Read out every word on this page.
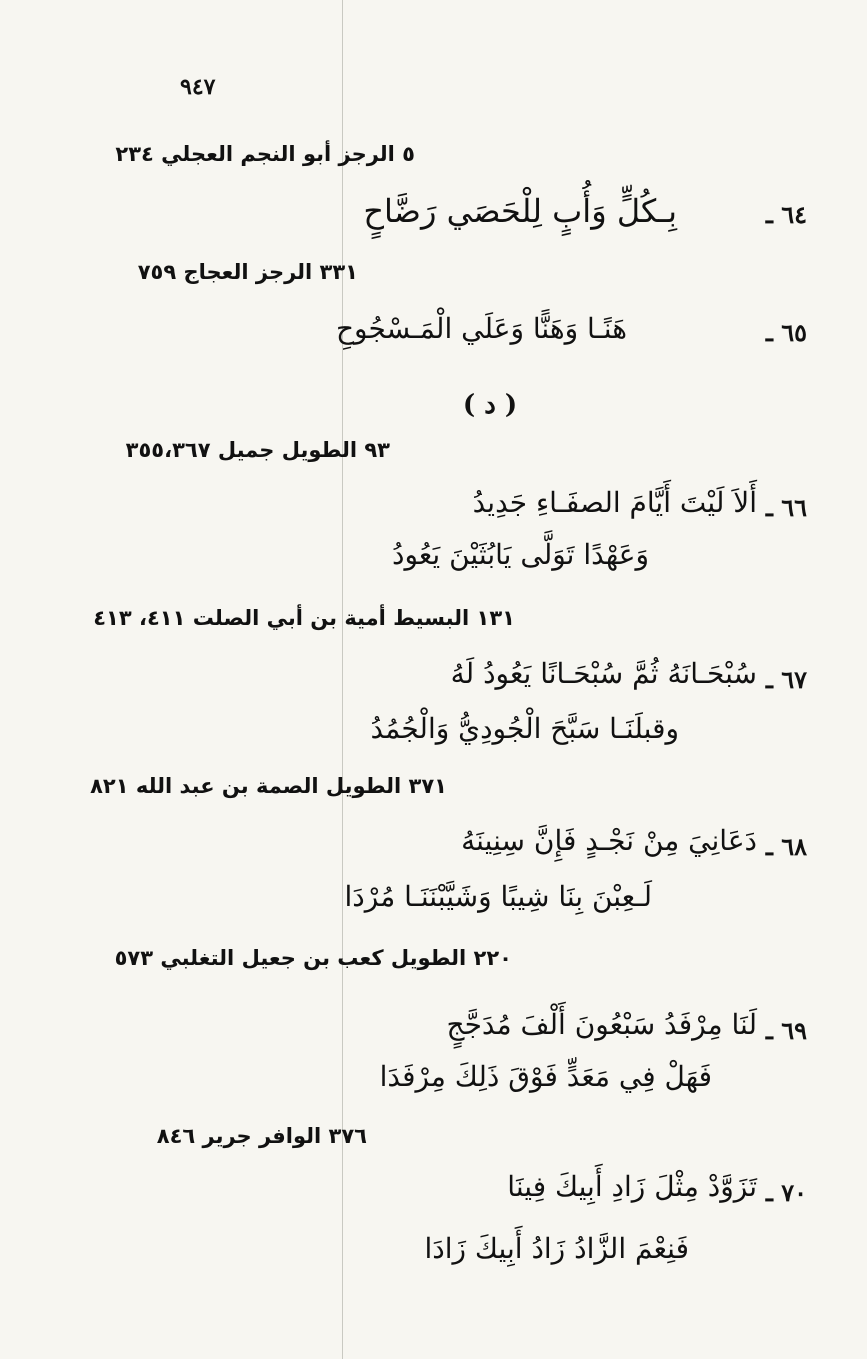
٩٤٧
٥ الرجز أبو النجم العجلي ٢٣٤
٦٤ ـ
بِـكُلٍّ وَأُبٍ لِلْحَصَي رَضَّاحٍ
٣٣١ الرجز العجاج ٧٥٩
٦٥ ـ
هَنًـا وَهَنًّا وَعَلَي الْمَـسْجُوحِ
( د )
٩٣ الطويل جميل ٣٥٥،٣٦٧
٦٦ ـ
أَلاَ لَيْتَ أَيَّامَ الصفَـاءِ جَدِيدُ
وَعَهْدًا تَوَلَّى يَابُثَيْنَ يَعُودُ
١٣١ البسيط أمية بن أبي الصلت ٤١١، ٤١٣
٦٧ ـ
سُبْحَـانَهُ ثُمَّ سُبْحَـانًا يَعُودُ لَهُ
وقبلَنَـا سَبَّحَ الْجُودِيُّ وَالْجُمُدُ
٣٧١ الطويل الصمة بن عبد الله ٨٢١
٦٨ ـ
دَعَانِيَ مِنْ نَجْـدٍ فَإِنَّ سِنِينَهُ
لَـعِبْنَ بِنَا شِيبًا وَشَيَّبْنَنَـا مُرْدَا
٢٢٠ الطويل كعب بن جعيل التغلبي ٥٧٣
٦٩ ـ
لَنَا مِرْفَدُ سَبْعُونَ أَلْفَ مُدَجَّجٍ
فَهَلْ فِي مَعَدٍّ فَوْقَ ذَلِكَ مِرْفَدَا
٣٧٦ الوافر جرير ٨٤٦
٧٠ ـ
تَزَوَّدْ مِثْلَ زَادِ أَبِيكَ فِينَا
فَنِعْمَ الزَّادُ زَادُ أَبِيكَ زَادَا
